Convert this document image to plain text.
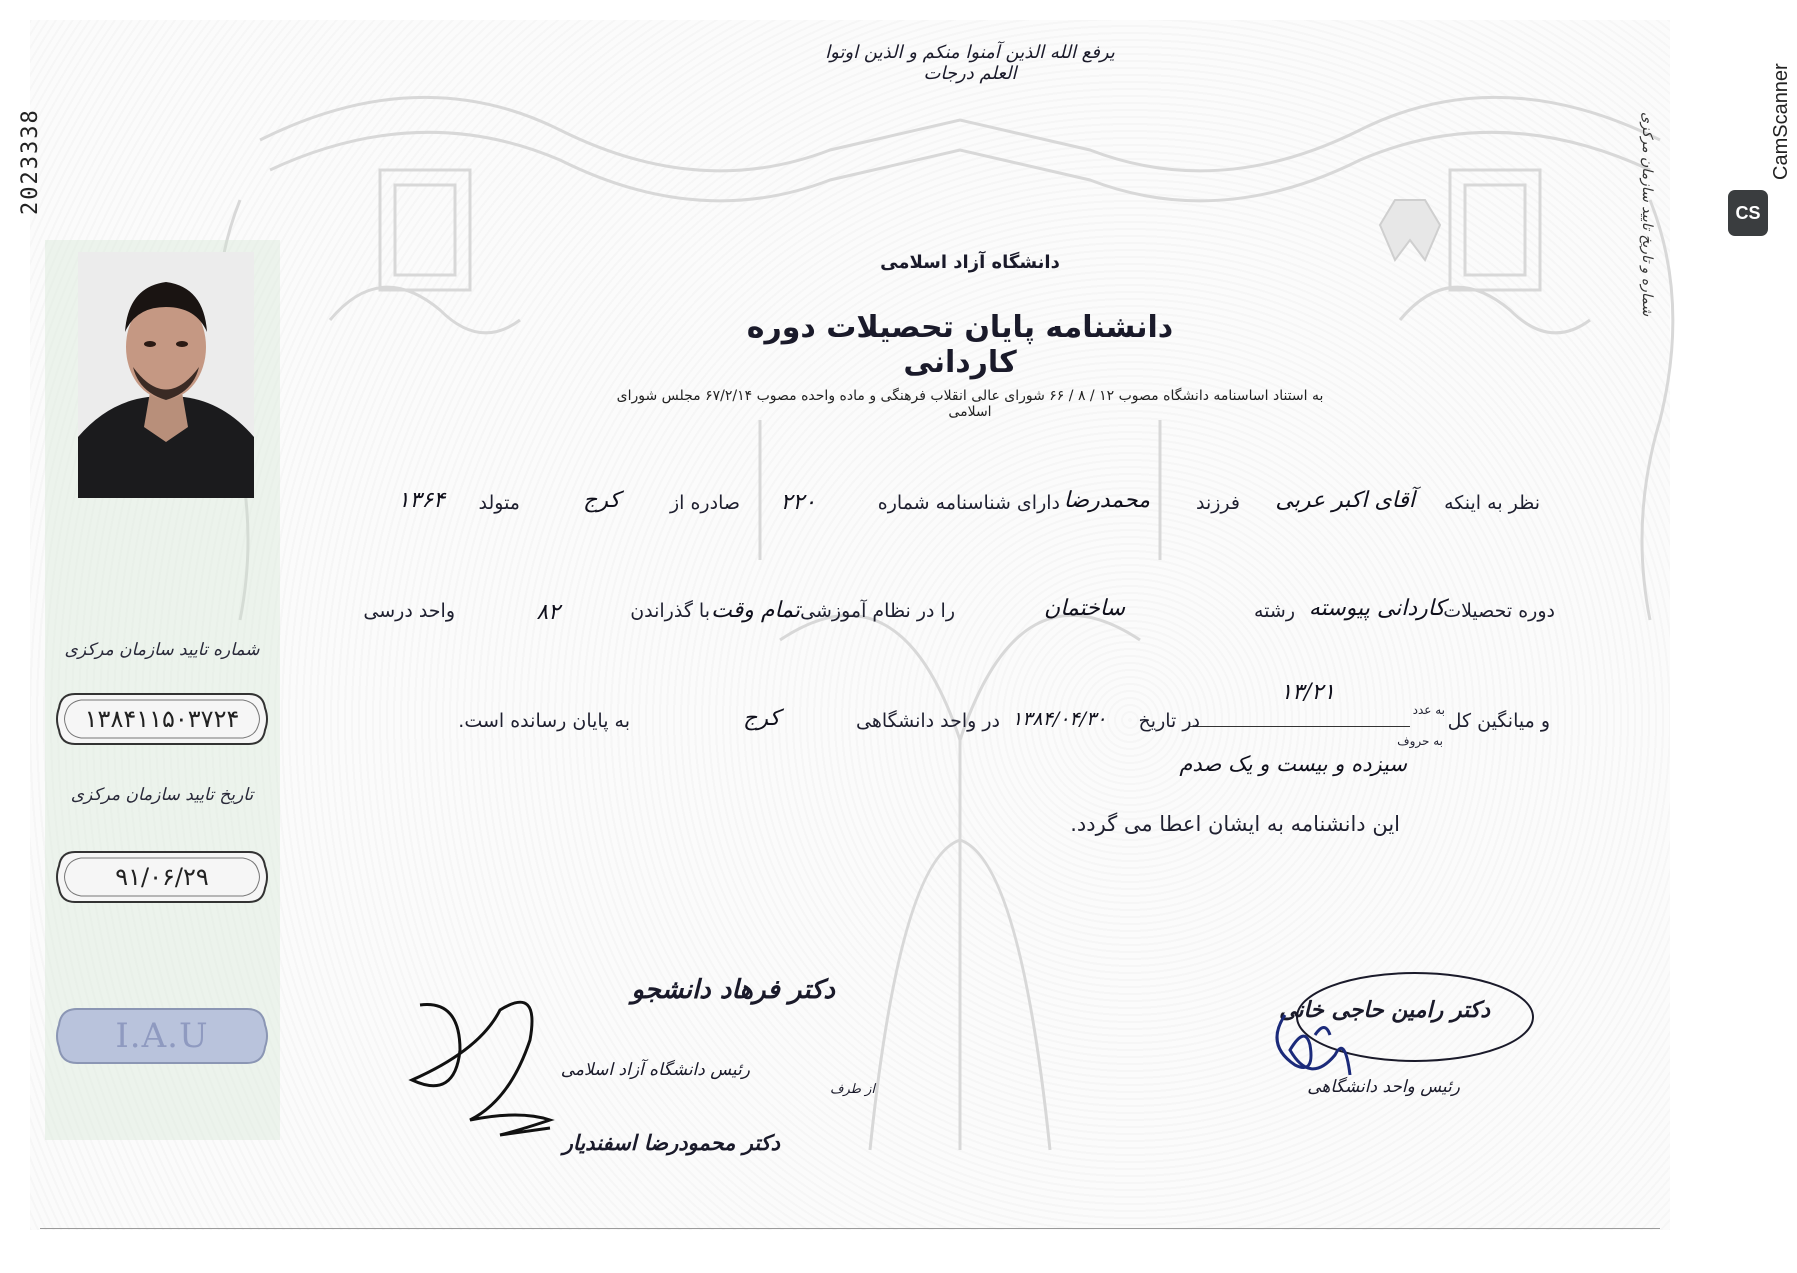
2023338
شماره تایید سازمان مرکزی
۱۳۸۴۱۱۵۰۳۷۲۴
تاریخ تایید سازمان مرکزی
۹۱/۰۶/۲۹
I.A.U
یرفع الله الذین آمنوا منکم و الذین اوتوا العلم درجات
دانشگاه آزاد اسلامی
دانشنامه پایان تحصیلات دوره کاردانی
به استناد اساسنامه دانشگاه مصوب ۱۲ / ۸ / ۶۶ شورای عالی انقلاب فرهنگی و ماده واحده مصوب ۶۷/۲/۱۴ مجلس شورای اسلامی
نظر به اینکه
آقای اکبر عربی
فرزند
محمدرضا
دارای شناسنامه شماره
۲۲۰
صادره از
کرج
متولد
۱۳۶۴
دوره تحصیلات
کاردانی پیوسته
رشته
ساختمان
را در نظام آموزشی
تمام وقت
با گذراندن
۸۲
واحد درسی
و میانگین کل
به عدد
به حروف
۱۳/۲۱
سیزده و بیست و یک صدم
در تاریخ
۱۳۸۴/۰۴/۳۰
در واحد دانشگاهی
کرج
به پایان رسانده است.
این دانشنامه به ایشان اعطا می گردد.
دکتر فرهاد دانشجو
رئیس دانشگاه آزاد اسلامی
از طرف
دکتر محمودرضا اسفندیار
دکتر رامین حاجی خانی
رئیس واحد دانشگاهی
شماره و تاریخ تایید سازمان مرکزی	CamScanner
CS
